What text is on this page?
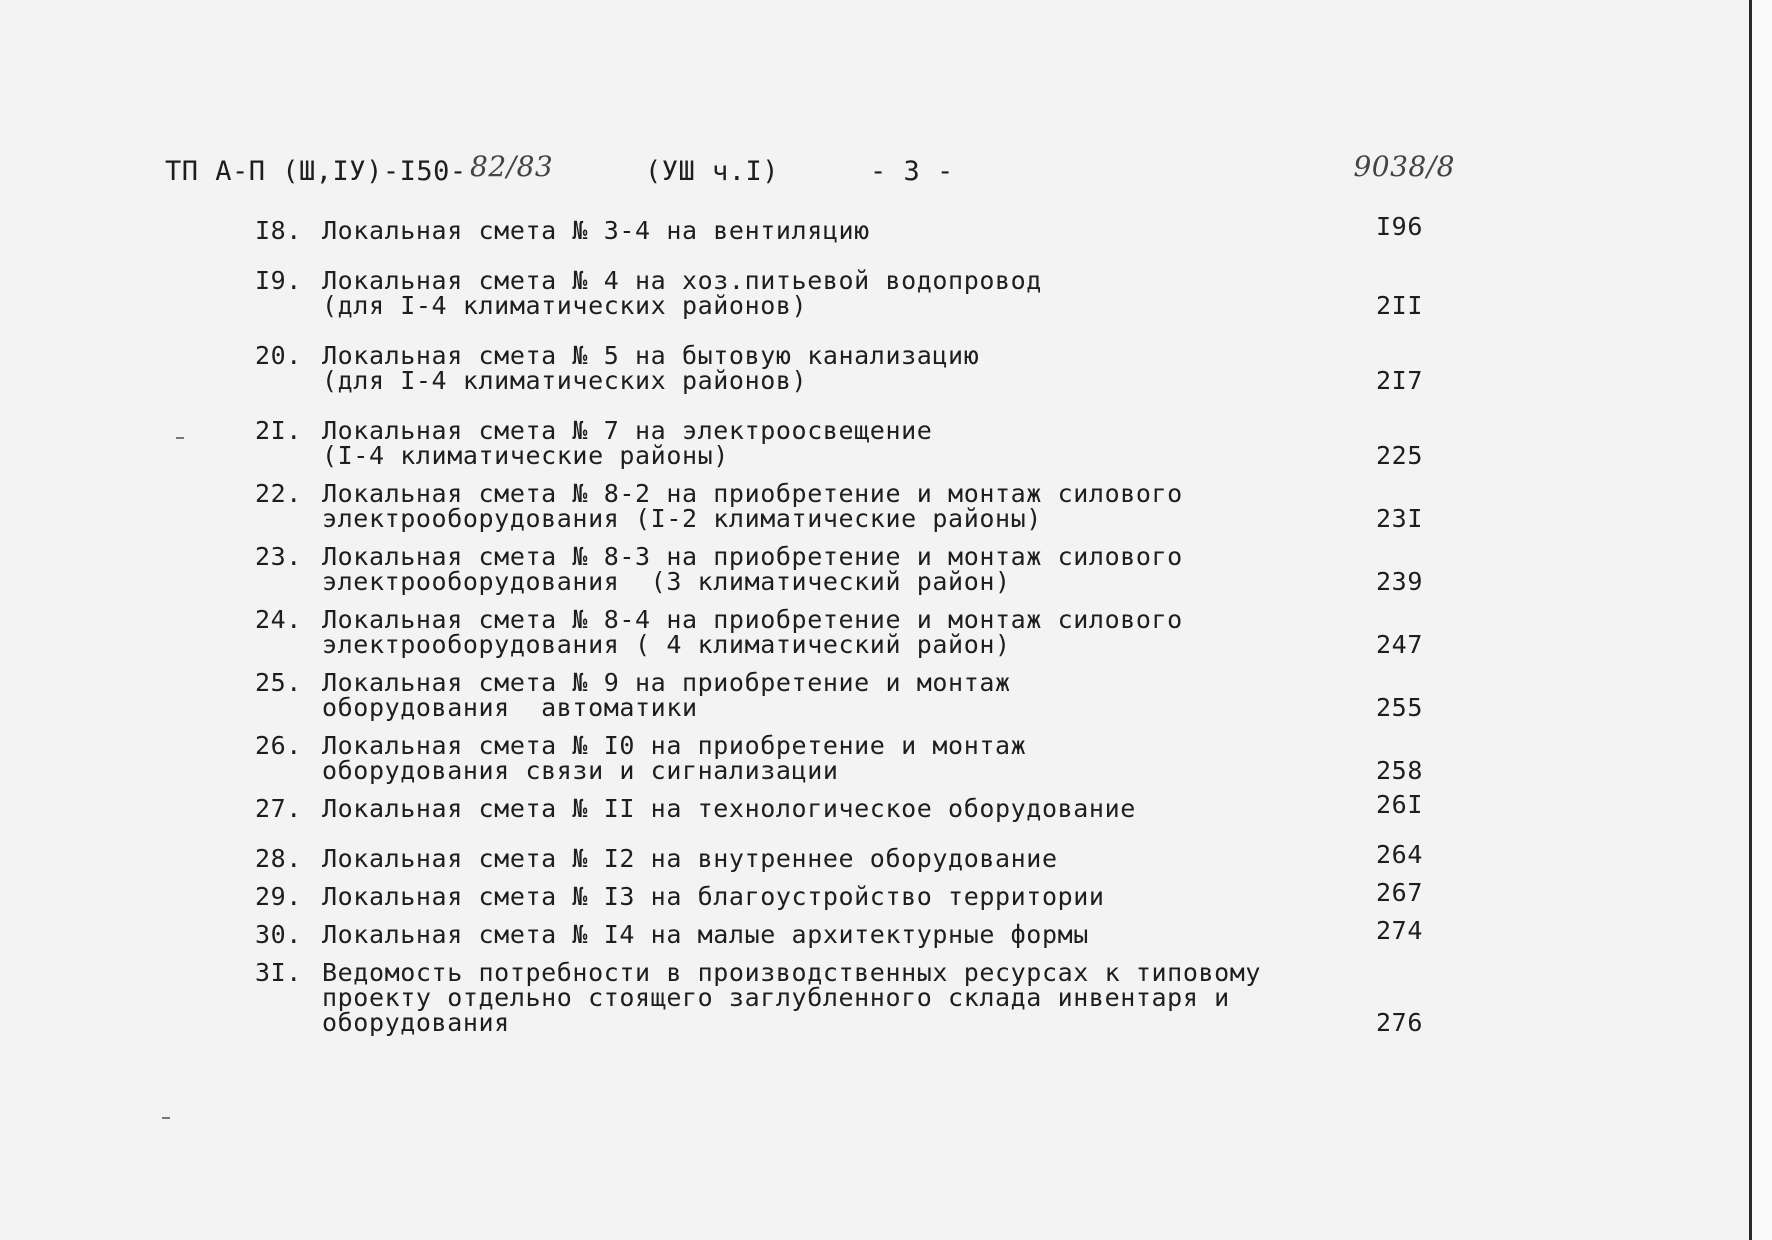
ТП А-П (Ш,IУ)-I50- 82/83	(УШ ч.I)	- 3 -	9038/8
I8. Локальная смета № 3-4 на вентиляцию	I96
I9. Локальная смета № 4 на хоз.питьевой водопровод
(для I-4 климатических районов)	2II
20. Локальная смета № 5 на бытовую канализацию
(для I-4 климатических районов)	2I7
2I. Локальная смета № 7 на электроосвещение
(I-4 климатические районы)	225
22. Локальная смета № 8-2 на приобретение и монтаж силового
электрооборудования (I-2 климатические районы)	23I
23. Локальная смета № 8-3 на приобретение и монтаж силового
электрооборудования  (3 климатический район)	239
24. Локальная смета № 8-4 на приобретение и монтаж силового
электрооборудования ( 4 климатический район)	247
25. Локальная смета № 9 на приобретение и монтаж
оборудования  автоматики	255
26. Локальная смета № I0 на приобретение и монтаж
оборудования связи и сигнализации	258
27. Локальная смета № II на технологическое оборудование	26I
28. Локальная смета № I2 на внутреннее оборудование	264
29. Локальная смета № I3 на благоустройство территории	267
30. Локальная смета № I4 на малые архитектурные формы	274
3I. Ведомость потребности в производственных ресурсах к типовому
проекту отдельно стоящего заглубленного склада инвентаря и
оборудования	276
